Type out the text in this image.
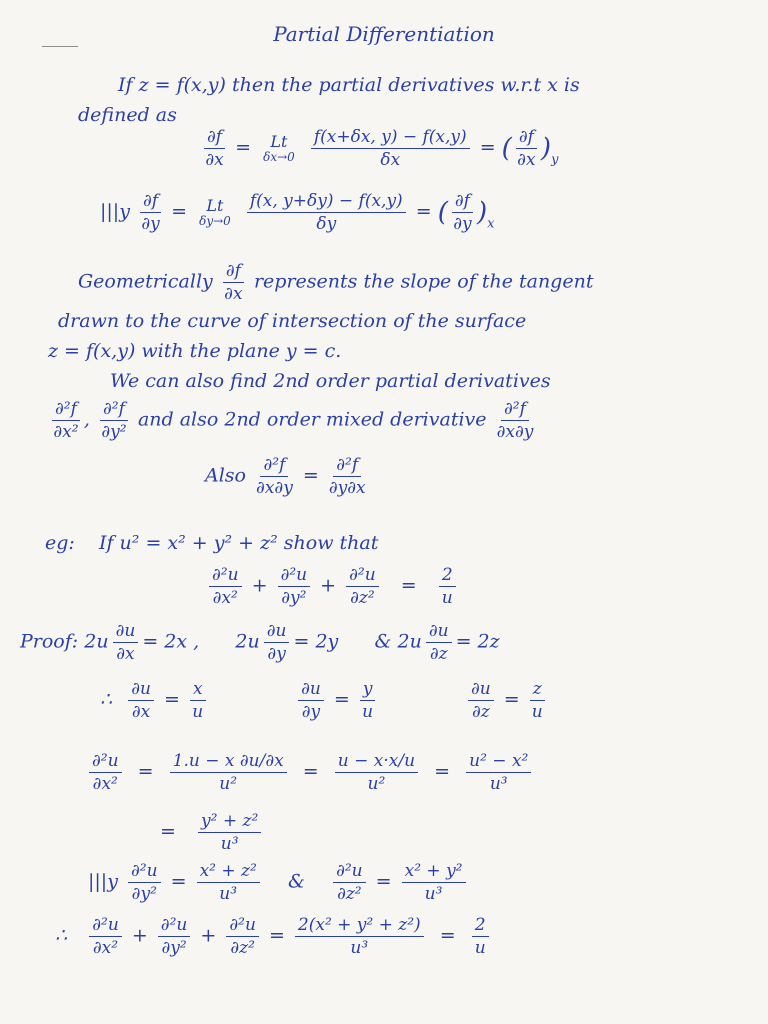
Partial Differentiation
If z = f(x,y) then the partial derivatives w.r.t x is
defined as
$\frac{\partial f}{\partial x} = Lt$
δx→0
$\frac{f(x+\delta x, y) - f(x,y)}{\delta x}$ = ( $\frac{\partial f}{\partial x} )_y$
$|||y \frac{\partial f}{\partial y} = Lt$
δy→0
$\frac{f(x, y+\delta y) - f(x,y)}{\delta y}$ = ( $\frac{\partial f}{\partial y} )_x$
Geometrically $\frac{\partial f}{\partial x}$ represents the slope of the tangent
drawn to the curve of intersection of the surface
z = f(x,y) with the plane y = c.
We can also find 2nd order partial derivatives
$\frac{\text{∂²f}}{\text{∂x²}}$ , $\frac{\text{∂²f}}{\text{∂y²}}$ and also 2nd order mixed derivative $\frac{\text{∂²f}}{\partial x\partial y}$
Also $\frac{\text{∂²f}}{\partial x\partial y} = \frac{\text{∂²f}}{\partial y\partial x}$
eg: If u² = x² + y² + z² show that
$\frac{\text{∂²u}}{\text{∂x²}} + \frac{\text{∂²u}}{\text{∂y²}} + \frac{\text{∂²u}}{\text{∂z²}} = \frac{2}{u}$
Proof: $2u \frac{\partial u}{\partial x} = 2x$ , $2u \frac{\partial u}{\partial y} = 2y$ & $2u \frac{\partial u}{\partial z} = 2z$
∴ $\frac{\partial u}{\partial x} = \frac{x}{u}$
	$\frac{\partial u}{\partial y} = \frac{y}{u}$
	$\frac{\partial u}{\partial z} = \frac{z}{u}$
$\frac{\text{∂²u}}{\text{∂x²}} = \frac{1.u - x \partial u/\partial x}{\text{u²}} = \frac{u - x\cdot x/u}{\text{u²}} = \frac{\text{u² − x²}}{\text{u³}}$
= $\frac{\text{y² + z²}}{\text{u³}}$
$|||y \frac{\text{∂²u}}{\text{∂y²}} = \frac{\text{x² + z²}}{\text{u³}}$ & $\frac{\text{∂²u}}{\text{∂z²}} = \frac{\text{x² + y²}}{\text{u³}}$
∴ $\frac{\text{∂²u}}{\text{∂x²}} + \frac{\text{∂²u}}{\text{∂y²}} + \frac{\text{∂²u}}{\text{∂z²}} = \frac{\text{2(x² + y² + z²)}}{\text{u³}} = \frac{2}{u}$
